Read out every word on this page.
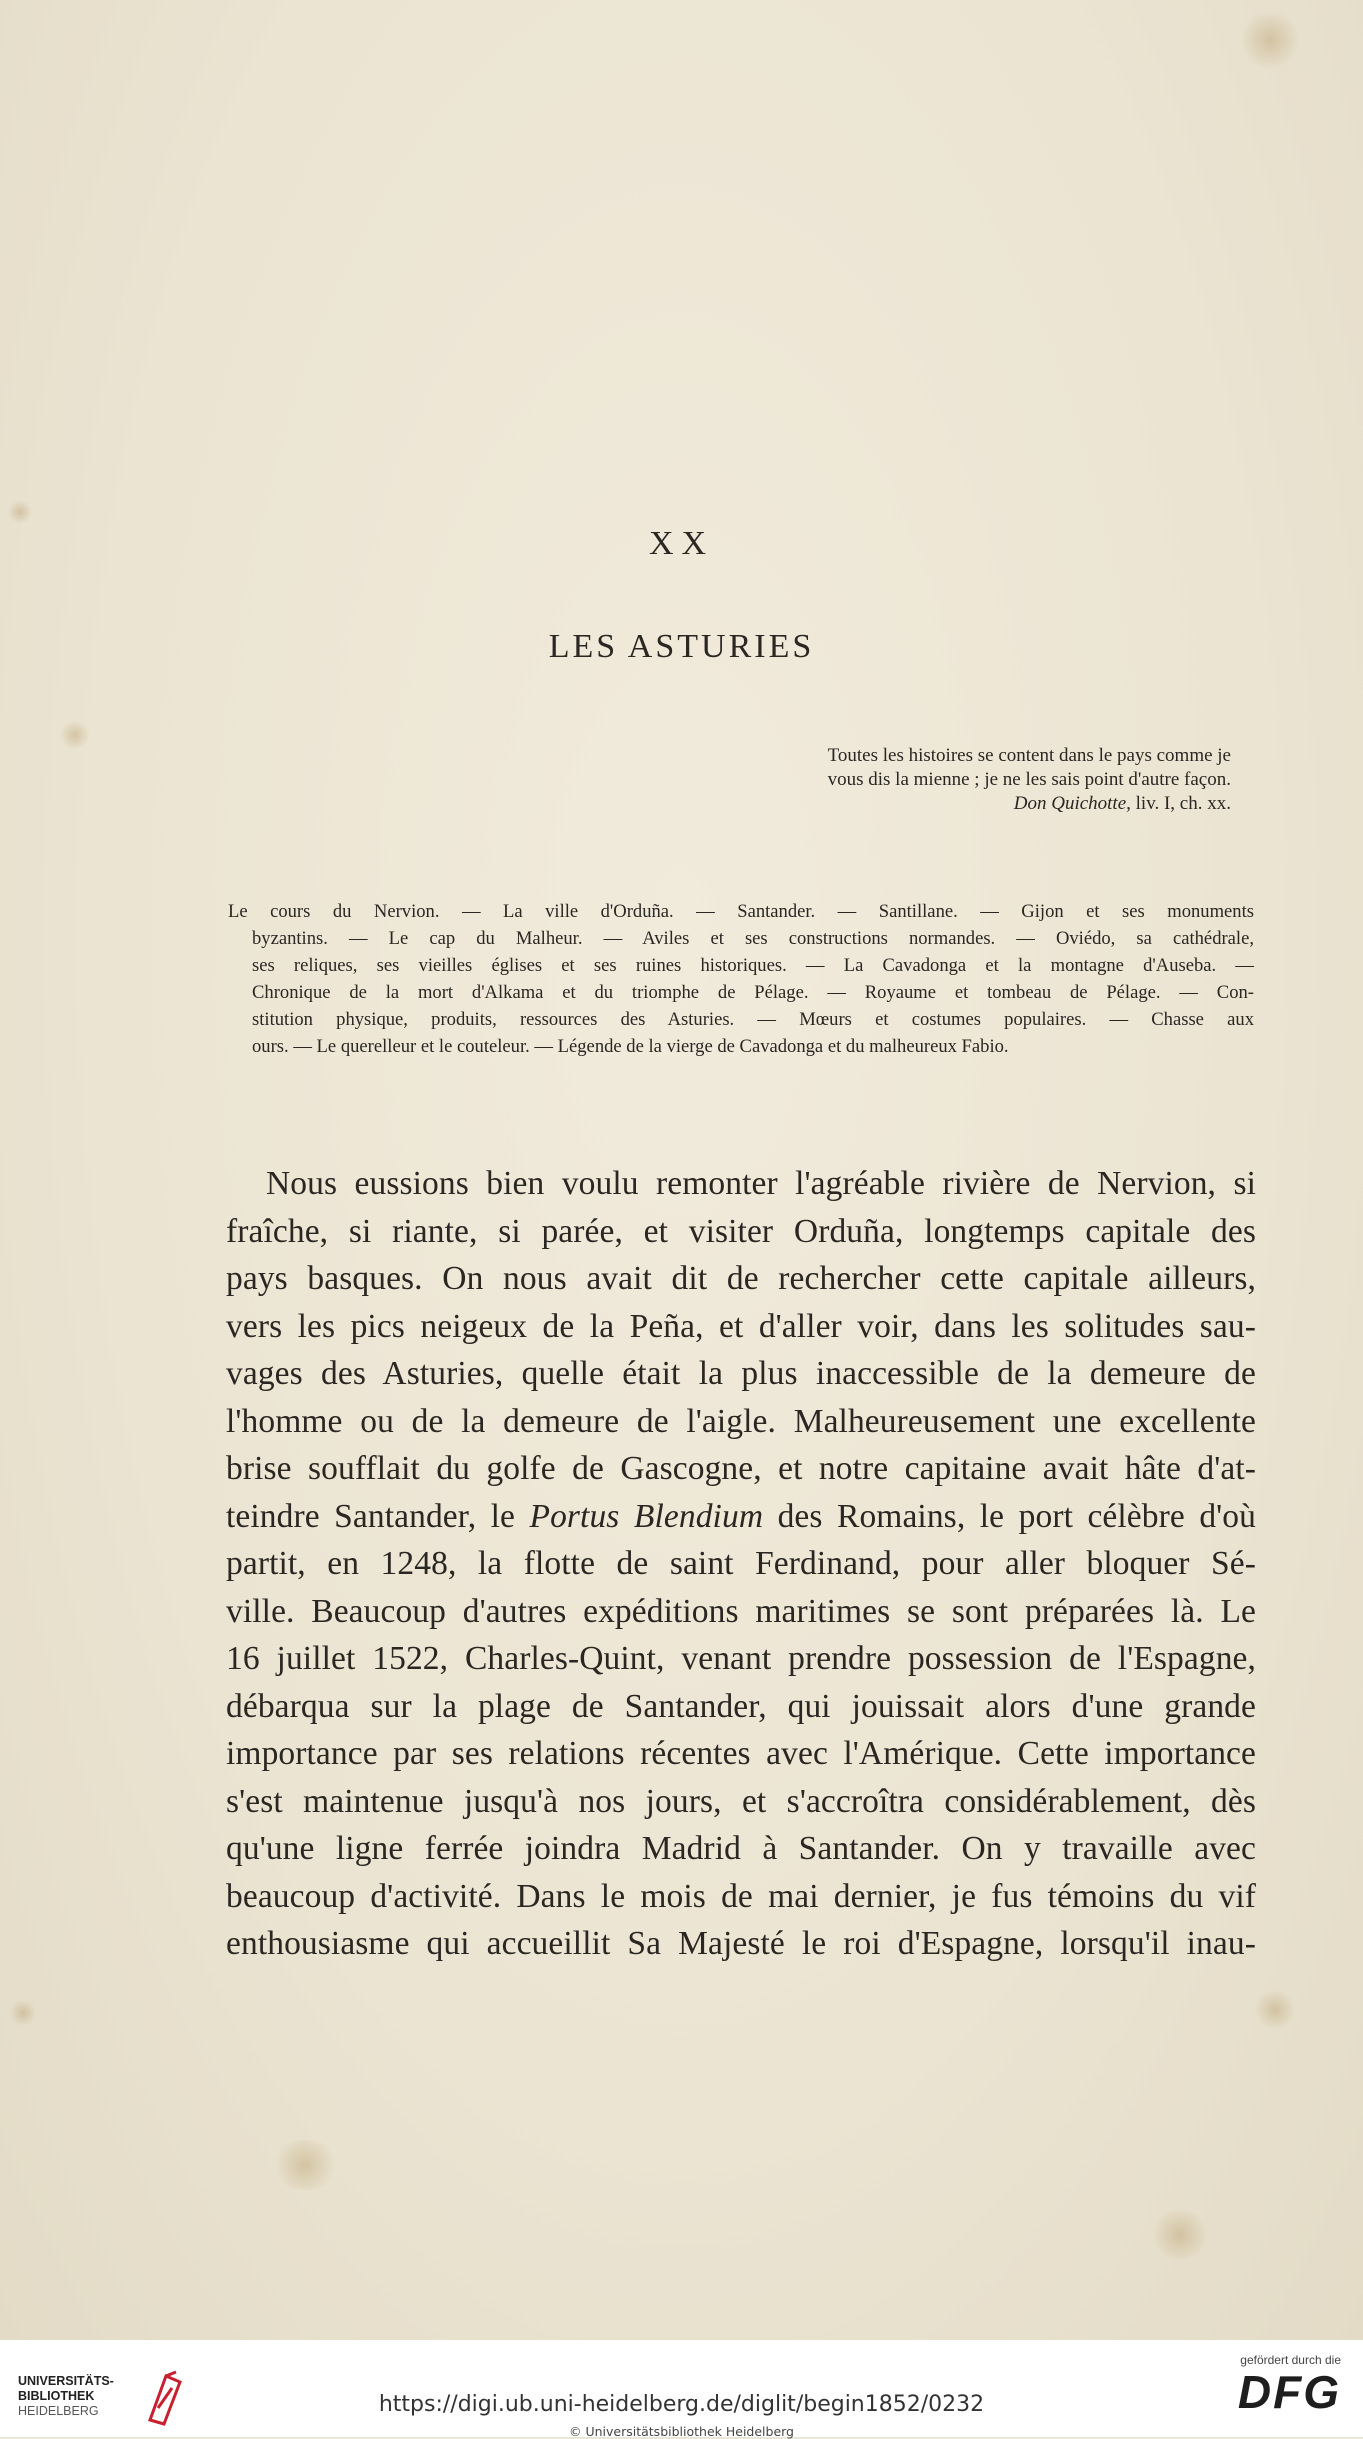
XX
LES ASTURIES
Toutes les histoires se content dans le pays comme je
vous dis la mienne ; je ne les sais point d'autre façon.
Don Quichotte, liv. I, ch. xx.
Le cours du Nervion. — La ville d'Orduña. — Santander. — Santillane. — Gijon et ses monuments
byzantins. — Le cap du Malheur. — Aviles et ses constructions normandes. — Oviédo, sa cathédrale,
ses reliques, ses vieilles églises et ses ruines historiques. — La Cavadonga et la montagne d'Auseba. —
Chronique de la mort d'Alkama et du triomphe de Pélage. — Royaume et tombeau de Pélage. — Con-
stitution physique, produits, ressources des Asturies. — Mœurs et costumes populaires. — Chasse aux
ours. — Le querelleur et le couteleur. — Légende de la vierge de Cavadonga et du malheureux Fabio.
Nous eussions bien voulu remonter l'agréable rivière de Nervion, si
fraîche, si riante, si parée, et visiter Orduña, longtemps capitale des
pays basques. On nous avait dit de rechercher cette capitale ailleurs,
vers les pics neigeux de la Peña, et d'aller voir, dans les solitudes sau-
vages des Asturies, quelle était la plus inaccessible de la demeure de
l'homme ou de la demeure de l'aigle. Malheureusement une excellente
brise soufflait du golfe de Gascogne, et notre capitaine avait hâte d'at-
teindre Santander, le Portus Blendium des Romains, le port célèbre d'où
partit, en 1248, la flotte de saint Ferdinand, pour aller bloquer Sé-
ville. Beaucoup d'autres expéditions maritimes se sont préparées là. Le
16 juillet 1522, Charles-Quint, venant prendre possession de l'Espagne,
débarqua sur la plage de Santander, qui jouissait alors d'une grande
importance par ses relations récentes avec l'Amérique. Cette importance
s'est maintenue jusqu'à nos jours, et s'accroîtra considérablement, dès
qu'une ligne ferrée joindra Madrid à Santander. On y travaille avec
beaucoup d'activité. Dans le mois de mai dernier, je fus témoins du vif
enthousiasme qui accueillit Sa Majesté le roi d'Espagne, lorsqu'il inau-
UNIVERSITÄTS-
BIBLIOTHEK
HEIDELBERG	https://digi.ub.uni-heidelberg.de/diglit/begin1852/0232
© Universitätsbibliothek Heidelberg
gefördert durch die
DFG
